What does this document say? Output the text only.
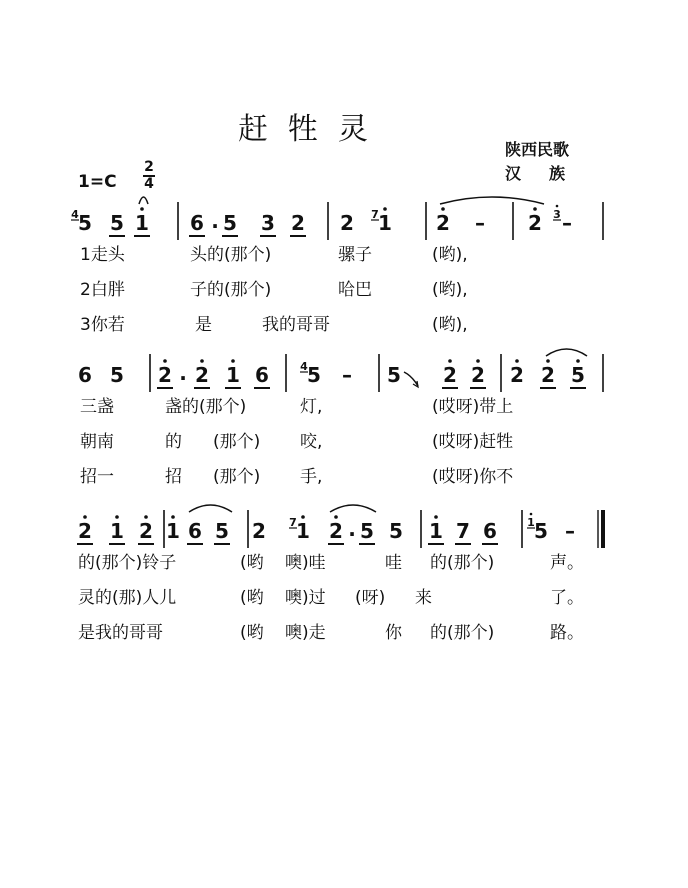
赶牲灵
陕西民歌
汉族
1=C
2
4
5
4 5 1 6 . 5 3 2 2 1
7	2 – 2 –
3
1走头	头的(那个)	骡子	(哟),
2白胖	子的(那个)	哈巴	(哟),
3你若	是	我的哥哥	(哟),
6 5 2 . 2 1 6 5
4 – 5 2 2 2 2 5
三盏	盏的(那个)	灯,	(哎呀)带上
朝南	的 (那个) 咬,	(哎呀)赶牲
招一	招 (那个) 手,	(哎呀)你不
2 1 2 1 6 5 2 1
7 2 . 5 5 1 7 6 5
1 –
的(那个)铃子	(哟 噢)哇	哇 的(那个)	声。
灵的(那)人儿	(哟 噢)过 (呀) 来	了。
是我的哥哥	(哟 噢)走	你 的(那个)	路。
